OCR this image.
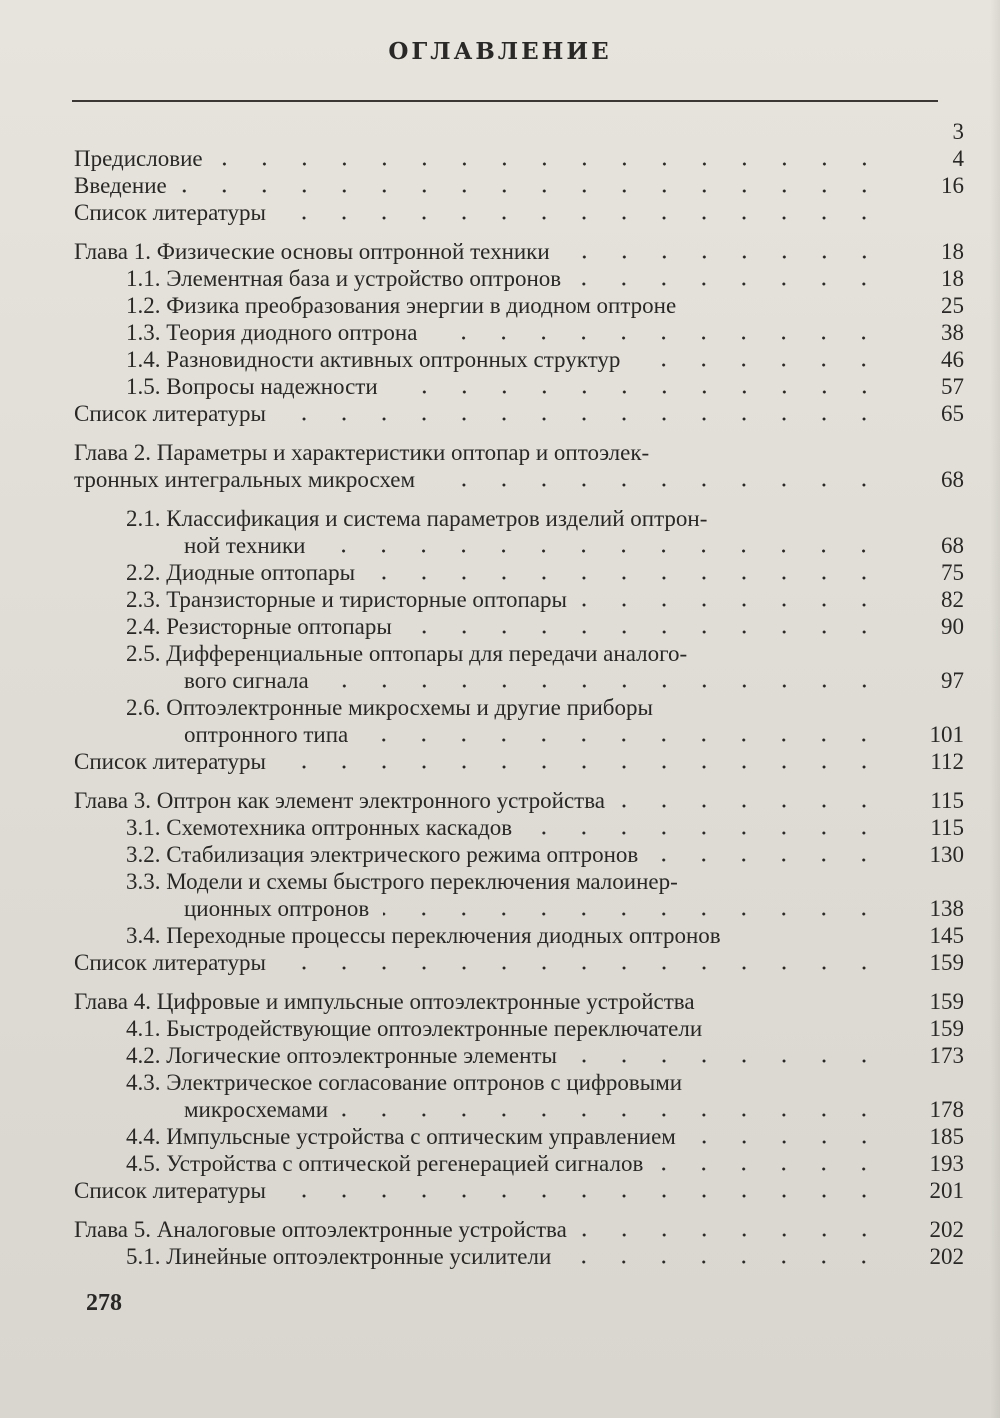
ОГЛАВЛЕНИЕ
3
Предисловие	4
Введение	16
Список литературы
Глава 1. Физические основы оптронной техники	18
1.1. Элементная база и устройство оптронов	18
1.2. Физика преобразования энергии в диодном оптроне	25
1.3. Теория диодного оптрона	38
1.4. Разновидности активных оптронных структур	46
1.5. Вопросы надежности	57
Список литературы	65
Глава 2. Параметры и характеристики оптопар и оптоэлек-
тронных интегральных микросхем	68
2.1. Классификация и система параметров изделий оптрон-
ной техники	68
2.2. Диодные оптопары	75
2.3. Транзисторные и тиристорные оптопары	82
2.4. Резисторные оптопары	90
2.5. Дифференциальные оптопары для передачи аналого-
вого сигнала	97
2.6. Оптоэлектронные микросхемы и другие приборы
оптронного типа	101
Список литературы	112
Глава 3. Оптрон как элемент электронного устройства	115
3.1. Схемотехника оптронных каскадов	115
3.2. Стабилизация электрического режима оптронов	130
3.3. Модели и схемы быстрого переключения малоинер-
ционных оптронов	138
3.4. Переходные процессы переключения диодных оптронов	145
Список литературы	159
Глава 4. Цифровые и импульсные оптоэлектронные устройства	159
4.1. Быстродействующие оптоэлектронные переключатели	159
4.2. Логические оптоэлектронные элементы	173
4.3. Электрическое согласование оптронов с цифровыми
микросхемами	178
4.4. Импульсные устройства с оптическим управлением	185
4.5. Устройства с оптической регенерацией сигналов	193
Список литературы	201
Глава 5. Аналоговые оптоэлектронные устройства	202
5.1. Линейные оптоэлектронные усилители	202
278
